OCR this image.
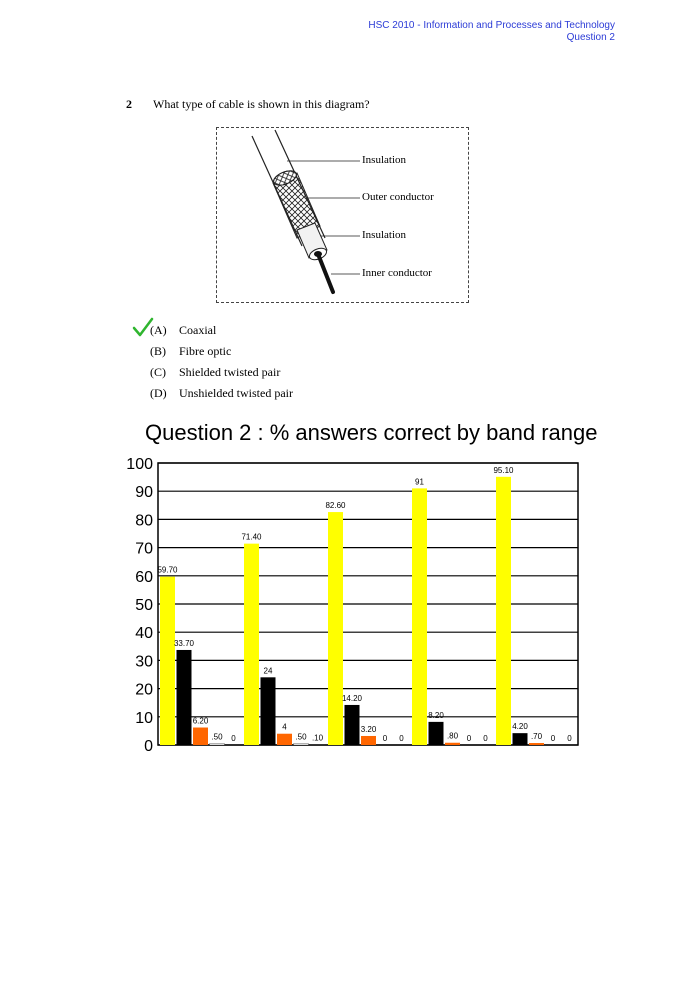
HSC 2010 - Information and Processes and Technology
Question 2
2 What type of cable is shown in this diagram?
Insulation
Outer conductor
Insulation
Inner conductor
(A) Coaxial
(B) Fibre optic
(C) Shielded twisted pair
(D) Unshielded twisted pair
Question 2 : % answers correct by band range
0
10
20
30
40
50
60
70
80
90
100
59.70
71.40
82.60
91
95.10
33.70
24
14.20
8.20
4.20
6.20
4	3.20
.80	.70
.50	.50	0	0	0
0	.10	0	0	0
